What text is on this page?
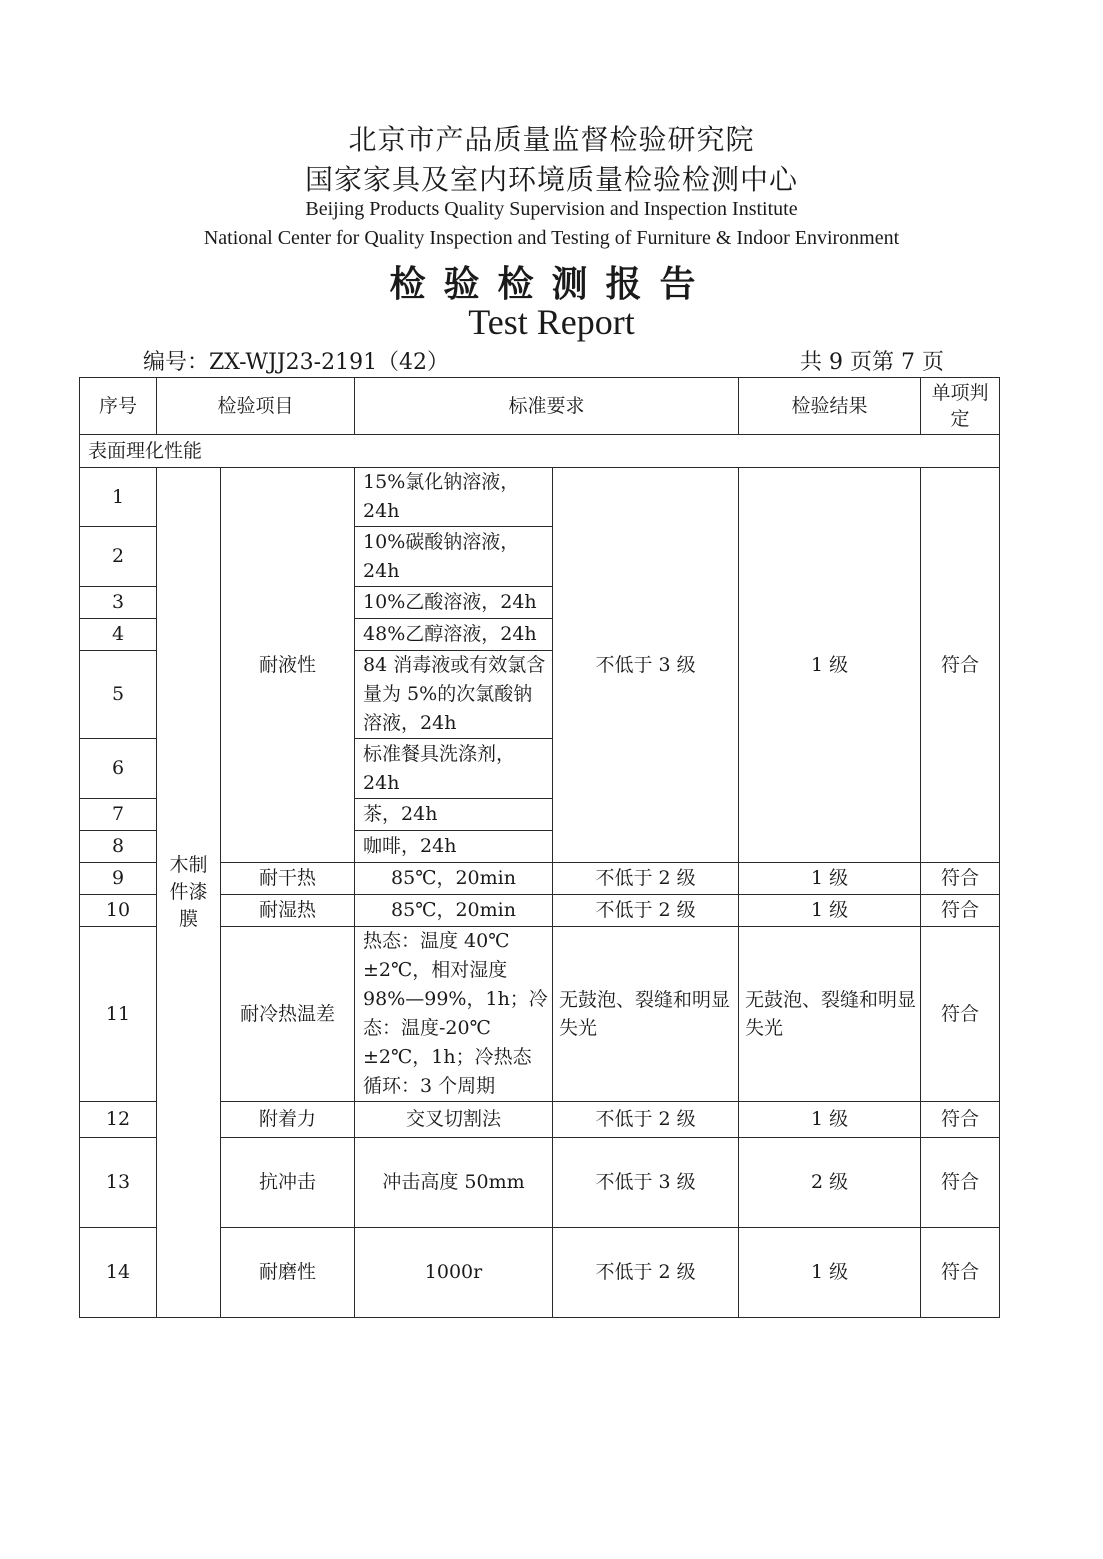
北京市产品质量监督检验研究院
国家家具及室内环境质量检验检测中心
Beijing Products Quality Supervision and Inspection Institute
National Center for Quality Inspection and Testing of Furniture & Indoor Environment
检验检测报告
Test Report
编号：ZX-WJJ23-2191（42）	共 9 页第 7 页
序号	检验项目		标准要求		检验结果	单项判定
表面理化性能						
1	木制件漆膜	耐液性	15%氯化钠溶液，24h	不低于 3 级	1 级	符合
2			10%碳酸钠溶液，24h			
3			10%乙酸溶液，24h			
4			48%乙醇溶液，24h			
5			84 消毒液或有效氯含量为 5%的次氯酸钠溶液，24h			
6			标准餐具洗涤剂，24h			
7			茶，24h			
8			咖啡，24h			
9		耐干热	85℃，20min	不低于 2 级	1 级	符合
10		耐湿热	85℃，20min	不低于 2 级	1 级	符合
11		耐冷热温差	热态：温度 40℃±2℃，相对湿度 98%—99%，1h；冷态：温度-20℃±2℃，1h；冷热态循环：3 个周期	无鼓泡、裂缝和明显失光	无鼓泡、裂缝和明显失光	符合
12		附着力	交叉切割法	不低于 2 级	1 级	符合
13		抗冲击	冲击高度 50mm	不低于 3 级	2 级	符合
14		耐磨性	1000r	不低于 2 级	1 级	符合
